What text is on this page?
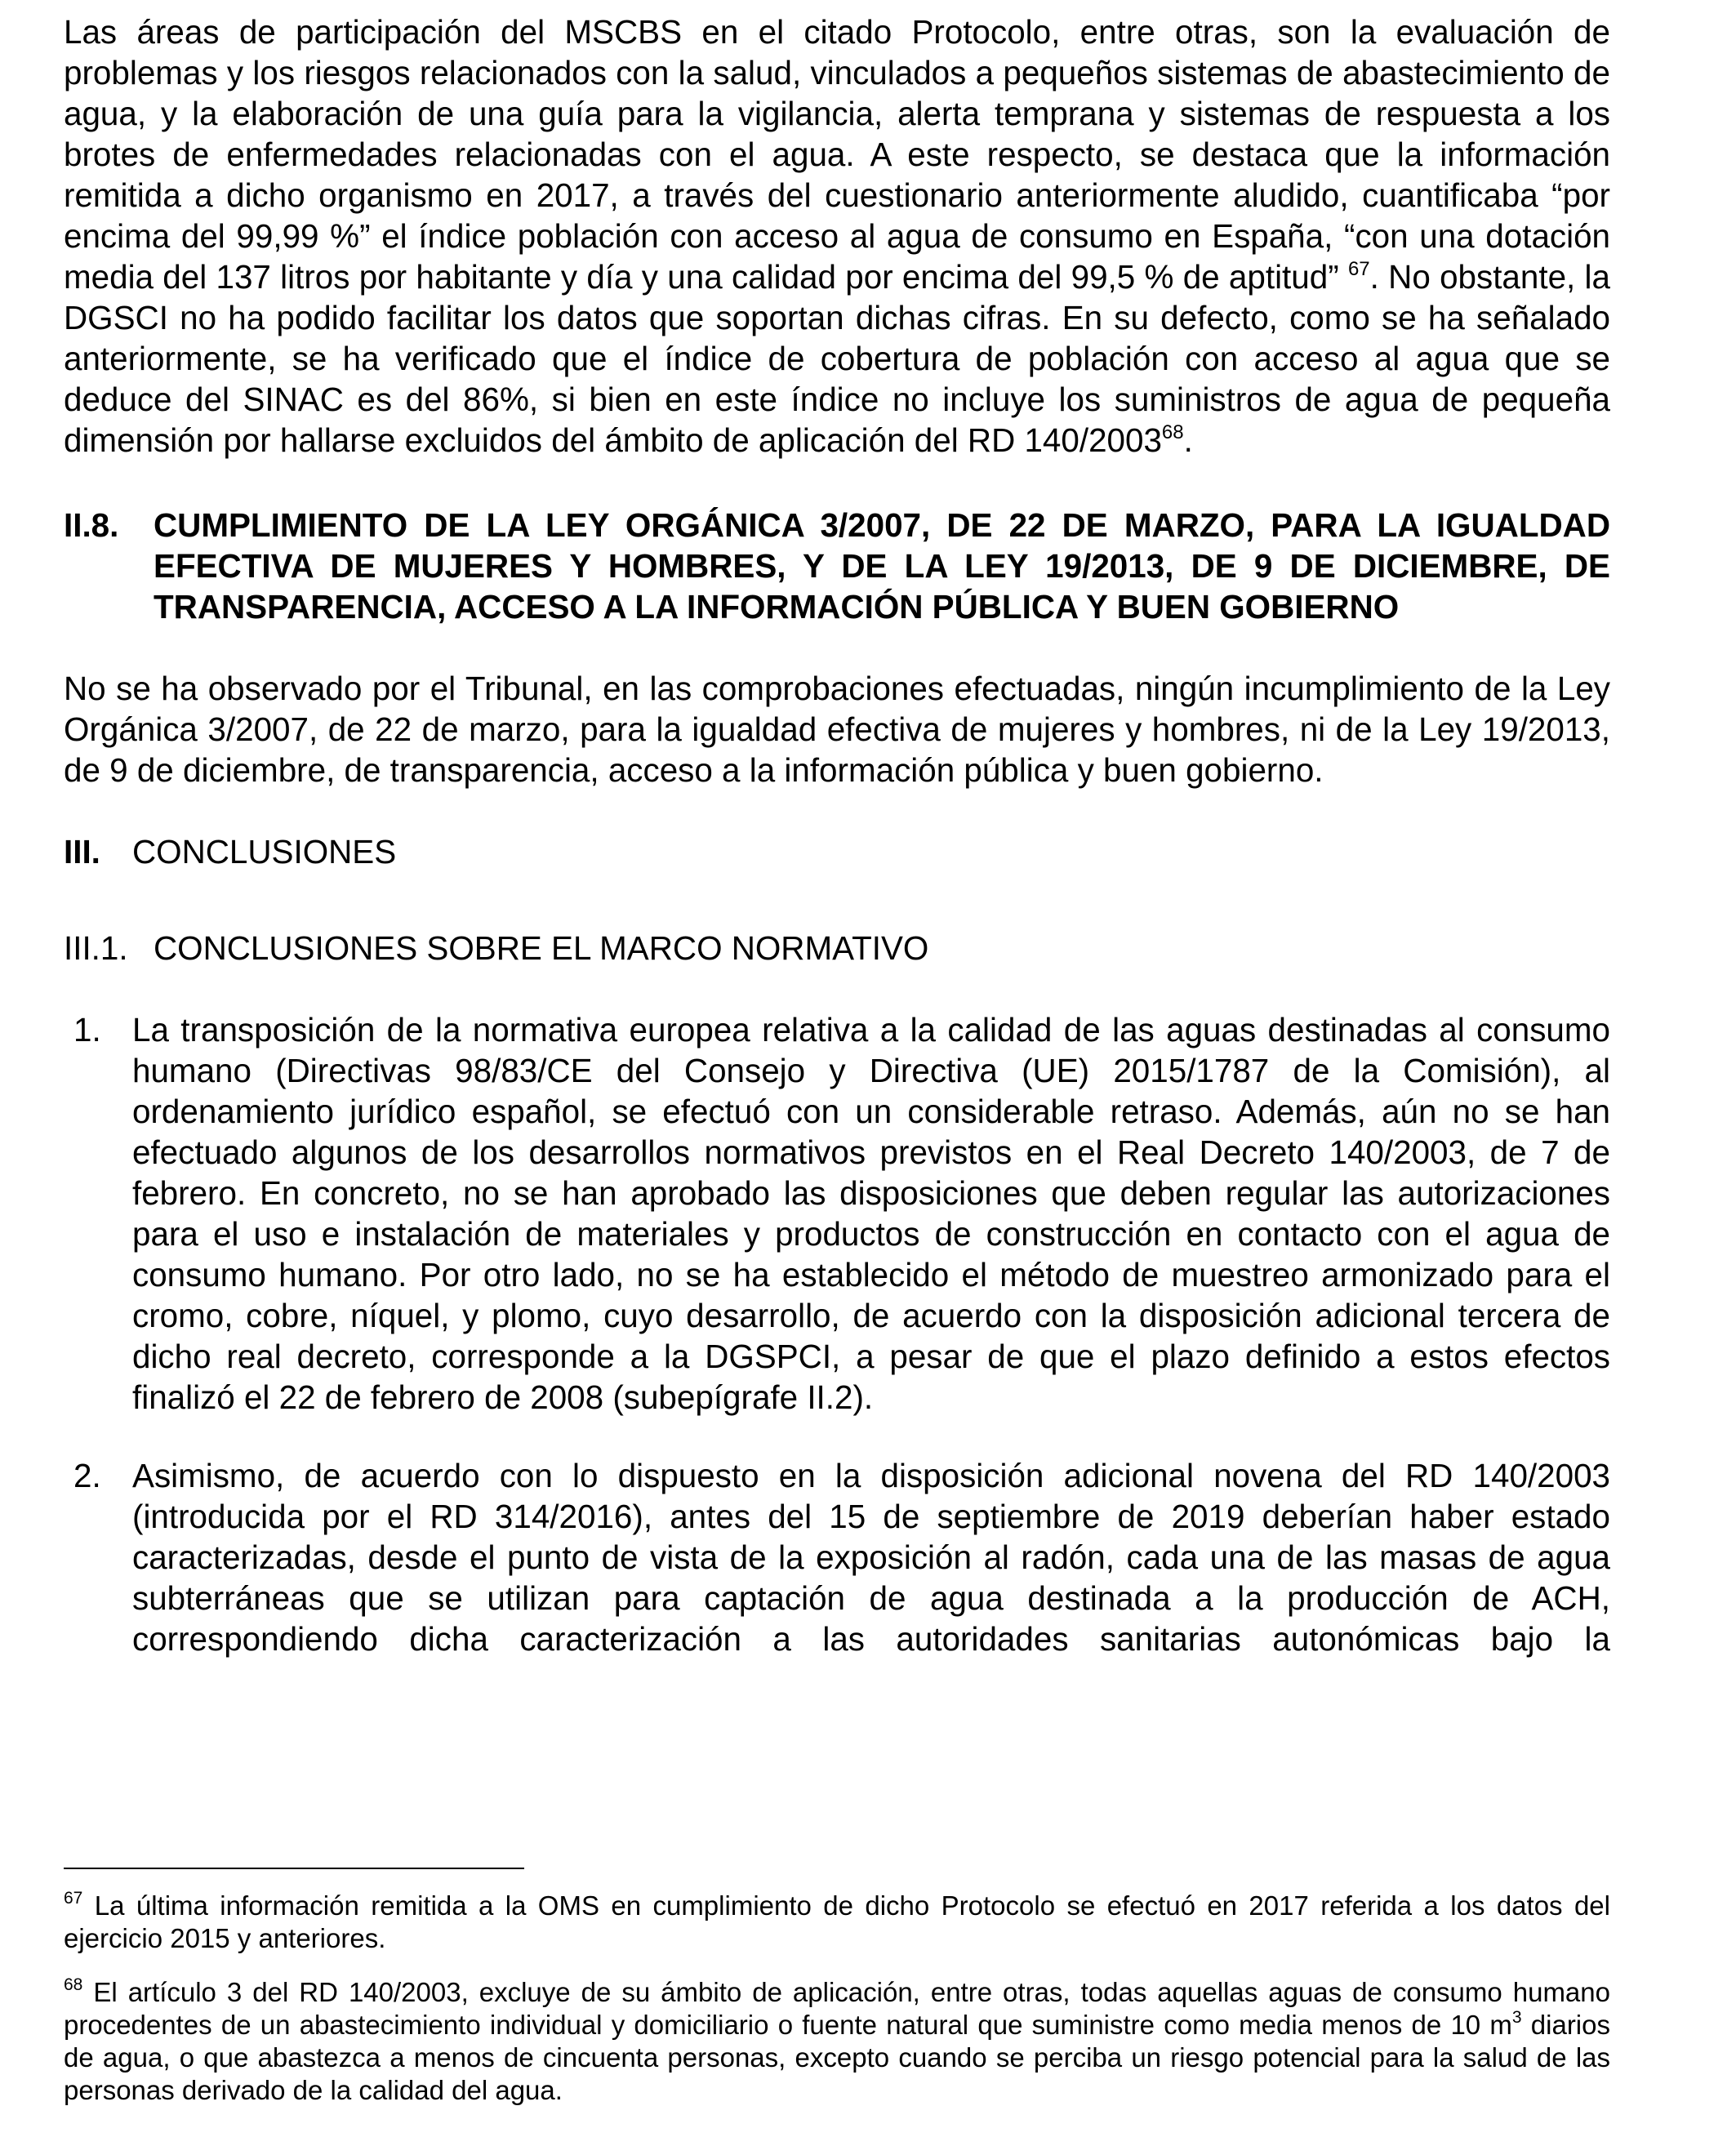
Las áreas de participación del MSCBS en el citado Protocolo, entre otras, son la evaluación de problemas y los riesgos relacionados con la salud, vinculados a pequeños sistemas de abastecimiento de agua, y la elaboración de una guía para la vigilancia, alerta temprana y sistemas de respuesta a los brotes de enfermedades relacionadas con el agua. A este respecto, se destaca que la información remitida a dicho organismo en 2017, a través del cuestionario anteriormente aludido, cuantificaba “por encima del 99,99 %” el índice población con acceso al agua de consumo en España, “con una dotación media del 137 litros por habitante y día y una calidad por encima del 99,5 % de aptitud” $^{67}$. No obstante, la DGSCI no ha podido facilitar los datos que soportan dichas cifras. En su defecto, como se ha señalado anteriormente, se ha verificado que el índice de cobertura de población con acceso al agua que se deduce del SINAC es del 86%, si bien en este índice no incluye los suministros de agua de pequeña dimensión por hallarse excluidos del ámbito de aplicación del RD 140/2003$^{68}$.

II.8.	CUMPLIMIENTO DE LA LEY ORGÁNICA 3/2007, DE 22 DE MARZO, PARA LA IGUALDAD EFECTIVA DE MUJERES Y HOMBRES, Y DE LA LEY 19/2013, DE 9 DE DICIEMBRE, DE TRANSPARENCIA, ACCESO A LA INFORMACIÓN PÚBLICA Y BUEN GOBIERNO

No se ha observado por el Tribunal, en las comprobaciones efectuadas, ningún incumplimiento de la Ley Orgánica 3/2007, de 22 de marzo, para la igualdad efectiva de mujeres y hombres, ni de la Ley 19/2013, de 9 de diciembre, de transparencia, acceso a la información pública y buen gobierno.

III. CONCLUSIONES
III.1. CONCLUSIONES SOBRE EL MARCO NORMATIVO
1. La transposición de la normativa europea relativa a la calidad de las aguas destinadas al consumo humano (Directivas 98/83/CE del Consejo y Directiva (UE) 2015/1787 de la Comisión), al ordenamiento jurídico español, se efectuó con un considerable retraso. Además, aún no se han efectuado algunos de los desarrollos normativos previstos en el Real Decreto 140/2003, de 7 de febrero. En concreto, no se han aprobado las disposiciones que deben regular las autorizaciones para el uso e instalación de materiales y productos de construcción en contacto con el agua de consumo humano. Por otro lado, no se ha establecido el método de muestreo armonizado para el cromo, cobre, níquel, y plomo, cuyo desarrollo, de acuerdo con la disposición adicional tercera de dicho real decreto, corresponde a la DGSPCI, a pesar de que el plazo definido a estos efectos finalizó el 22 de febrero de 2008 (subepígrafe II.2).

2. Asimismo, de acuerdo con lo dispuesto en la disposición adicional novena del RD 140/2003 (introducida por el RD 314/2016), antes del 15 de septiembre de 2019 deberían haber estado caracterizadas, desde el punto de vista de la exposición al radón, cada una de las masas de agua subterráneas que se utilizan para captación de agua destinada a la producción de ACH, correspondiendo dicha caracterización a las autoridades sanitarias autonómicas bajo la

$^{67}$ La última información remitida a la OMS en cumplimiento de dicho Protocolo se efectuó en 2017 referida a los datos del ejercicio 2015 y anteriores.

$^{68}$ El artículo 3 del RD 140/2003, excluye de su ámbito de aplicación, entre otras, todas aquellas aguas de consumo humano procedentes de un abastecimiento individual y domiciliario o fuente natural que suministre como media menos de 10 $m^3$ diarios de agua, o que abastezca a menos de cincuenta personas, excepto cuando se perciba un riesgo potencial para la salud de las personas derivado de la calidad del agua.
